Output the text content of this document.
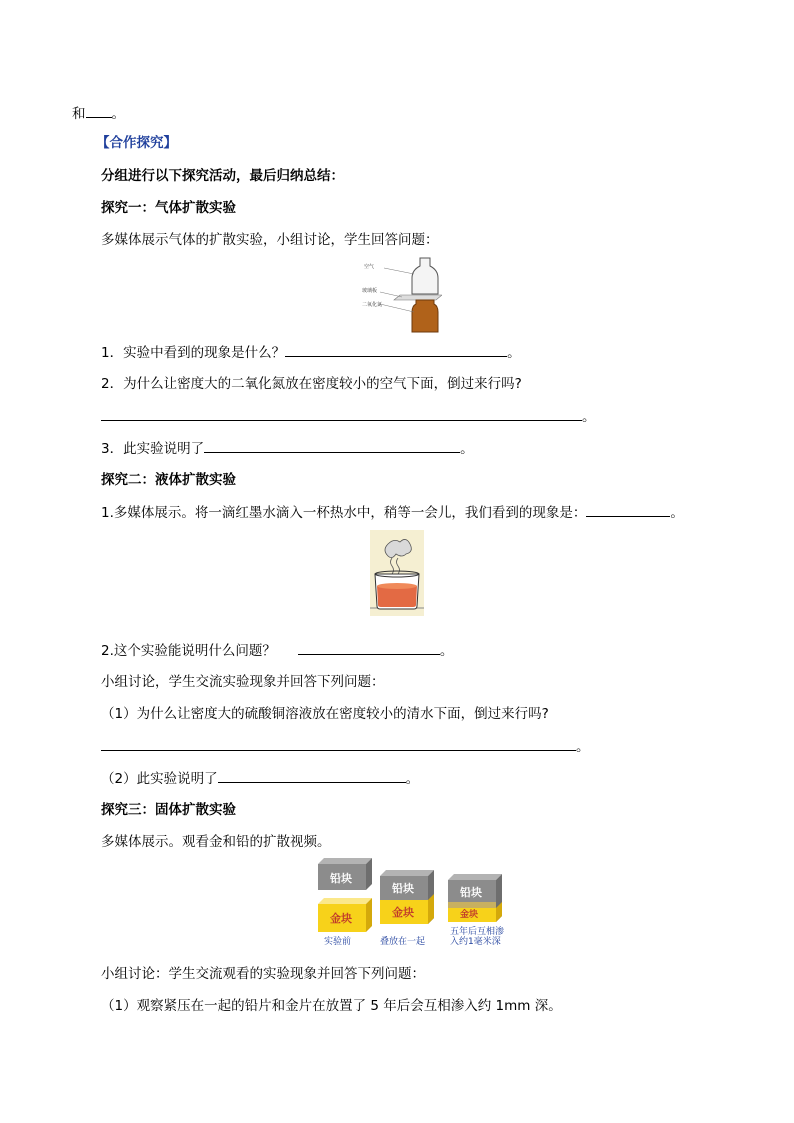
和 。
【合作探究】
分组进行以下探究活动，最后归纳总结：
探究一：气体扩散实验
多媒体展示气体的扩散实验，小组讨论，学生回答问题：
空气
玻璃板
二氧化氮
1．实验中看到的现象是什么？	。
2．为什么让密度大的二氧化氮放在密度较小的空气下面，倒过来行吗?
。
3．此实验说明了	。
探究二：液体扩散实验
1.多媒体展示。将一滴红墨水滴入一杯热水中，稍等一会儿，我们看到的现象是：	。
2.这个实验能说明什么问题？	。
小组讨论，学生交流实验现象并回答下列问题：
（1）为什么让密度大的硫酸铜溶液放在密度较小的清水下面，倒过来行吗?
。
（2）此实验说明了	。
探究三：固体扩散实验
多媒体展示。观看金和铅的扩散视频。
铅块
金块
实验前
铅块
金块
叠放在一起
铅块
金块
五年后互相渗
入约1毫米深
小组讨论：学生交流观看的实验现象并回答下列问题：
（1）观察紧压在一起的铅片和金片在放置了 5 年后会互相渗入约 1mm 深。
